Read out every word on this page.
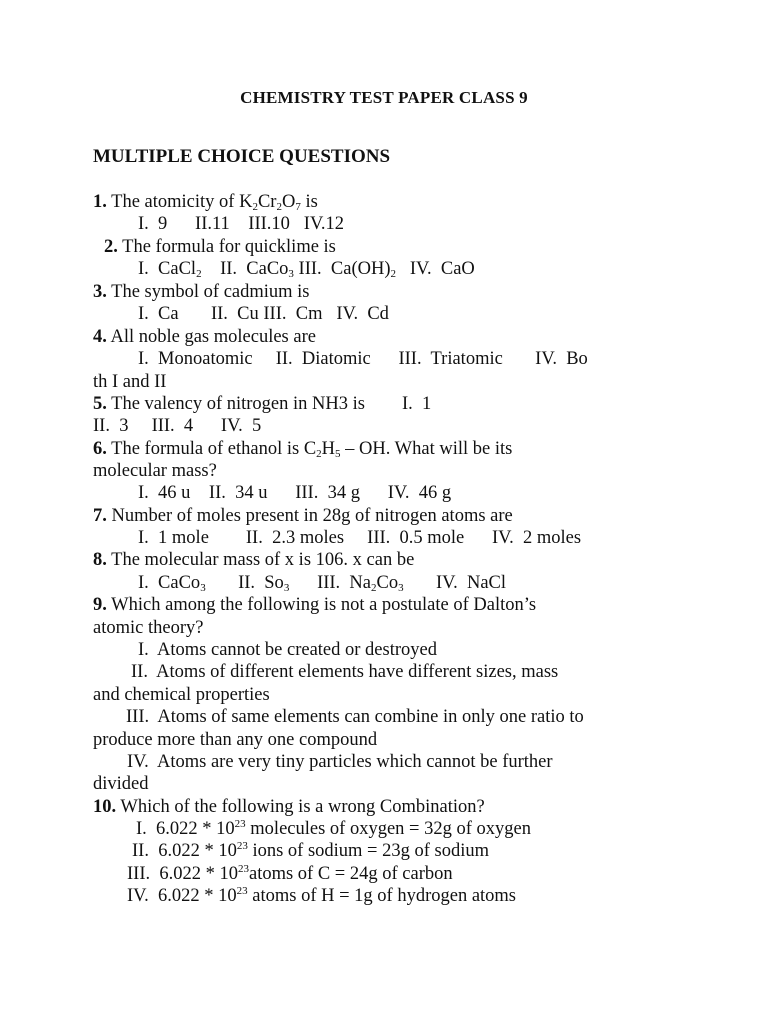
CHEMISTRY TEST PAPER CLASS 9
MULTIPLE CHOICE QUESTIONS
1. The atomicity of $K_2Cr_2O_7$ is
I.  9      II.11    III.10   IV.12
2. The formula for quicklime is
I.  CaCl$_2$    II.  CaCo$_3$ III.  $Ca(OH)_2$   IV.  CaO
3. The symbol of cadmium is
I.  Ca       II.  Cu III.  Cm   IV.  Cd
4. All noble gas molecules are
I.  Monoatomic     II.  Diatomic      III.  Triatomic       IV.  Bo
th I and II
5. The valency of nitrogen in NH3 is        I.  1
II.  3     III.  4      IV.  5
6. The formula of ethanol is $C_2H_5$ – OH. What will be its
molecular mass?
I.  46 u    II.  34 u      III.  34 g      IV.  46 g
7. Number of moles present in 28g of nitrogen atoms are
I.  1 mole        II.  2.3 moles     III.  0.5 mole      IV.  2 moles
8. The molecular mass of x is 106. x can be
I.  CaCo$_3$       II.  $So_3$      III.  $Na_2Co_3$       IV.  NaCl
9. Which among the following is not a postulate of Dalton’s
atomic theory?
I.  Atoms cannot be created or destroyed
II.  Atoms of different elements have different sizes, mass
and chemical properties
III.  Atoms of same elements can combine in only one ratio to
produce more than any one compound
IV.  Atoms are very tiny particles which cannot be further
divided
10. Which of the following is a wrong Combination?
I.  $6.022 * 10^{23}$ molecules of oxygen = 32g of oxygen
II.  $6.022 * 10^{23}$ ions of sodium = 23g of sodium
III.  $6.022 * 10^{23}atoms$ of C = 24g of carbon
IV.  $6.022 * 10^{23}$ atoms of H = 1g of hydrogen atoms
